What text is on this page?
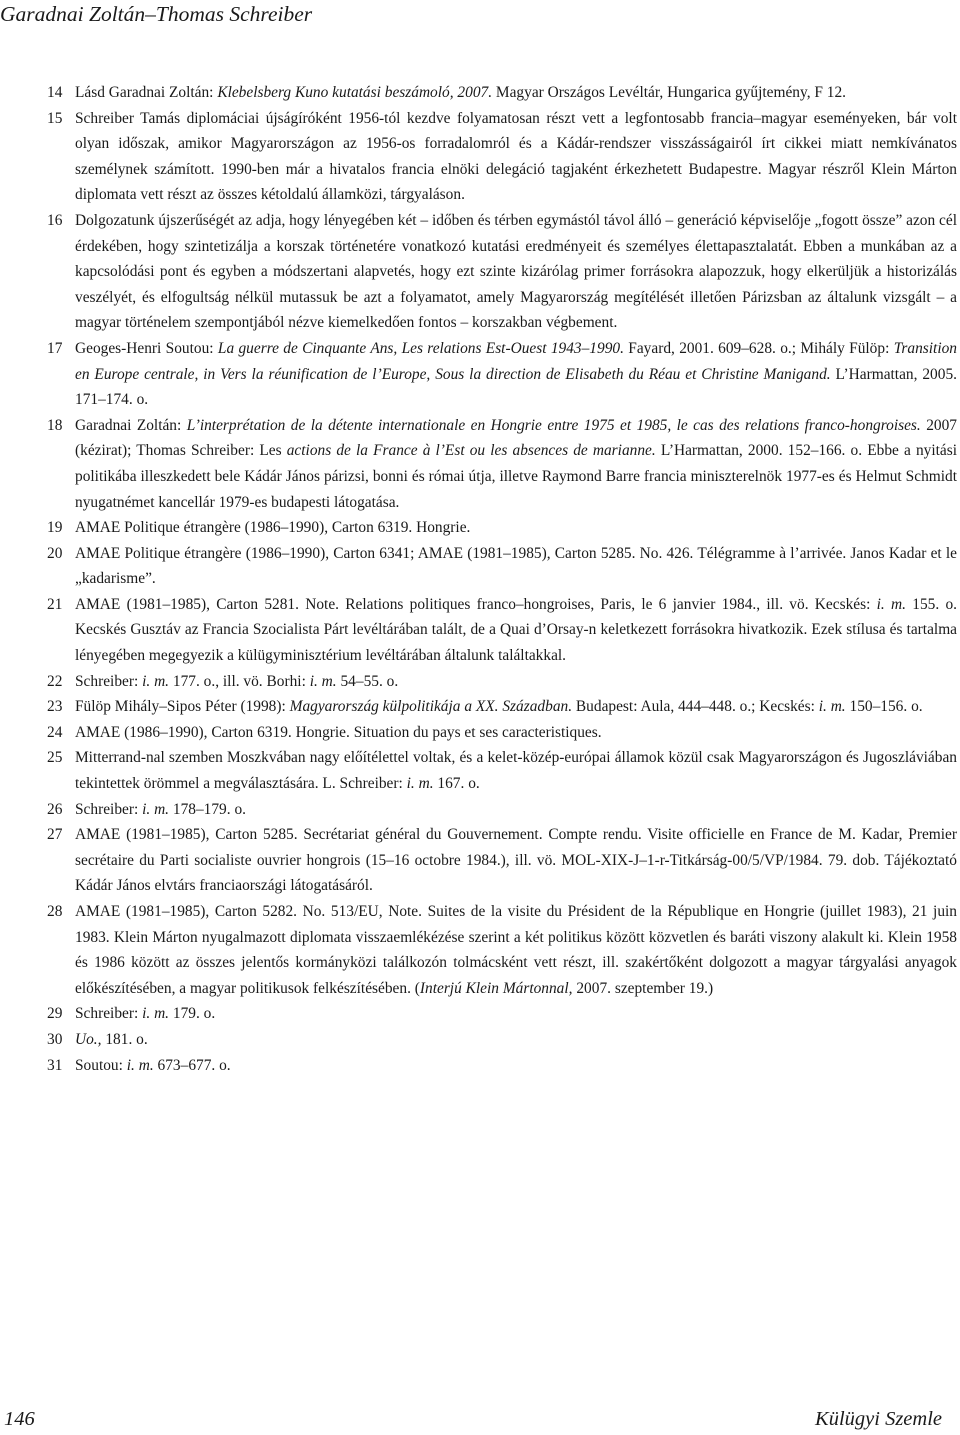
Garadnai Zoltán–Thomas Schreiber
14 Lásd Garadnai Zoltán: Klebelsberg Kuno kutatási beszámoló, 2007. Magyar Országos Levéltár, Hungarica gyűjtemény, F 12.
15 Schreiber Tamás diplomáciai újságíróként 1956-tól kezdve folyamatosan részt vett a legfontosabb francia–magyar eseményeken, bár volt olyan időszak, amikor Magyarországon az 1956-os forradalomról és a Kádár-rendszer visszásságairól írt cikkei miatt nemkívánatos személynek számított. 1990-ben már a hivatalos francia elnöki delegáció tagjaként érkezhetett Budapestre. Magyar részről Klein Márton diplomata vett részt az összes kétoldalú államközi, tárgyaláson.
16 Dolgozatunk újszerűségét az adja, hogy lényegében két – időben és térben egymástól távol álló – generáció képviselője „fogott össze” azon cél érdekében, hogy szintetizálja a korszak történetére vonatkozó kutatási eredményeit és személyes élettapasztalatát. Ebben a munkában az a kapcsolódási pont és egyben a módszertani alapvetés, hogy ezt szinte kizárólag primer forrásokra alapozzuk, hogy elkerüljük a historizálás veszélyét, és elfogultság nélkül mutassuk be azt a folyamatot, amely Magyarország megítélését illetően Párizsban az általunk vizsgált – a magyar történelem szempontjából nézve kiemelkedően fontos – korszakban végbement.
17 Geoges-Henri Soutou: La guerre de Cinquante Ans, Les relations Est-Ouest 1943–1990. Fayard, 2001. 609–628. o.; Mihály Fülöp: Transition en Europe centrale, in Vers la réunification de l’Europe, Sous la direction de Elisabeth du Réau et Christine Manigand. L’Harmattan, 2005. 171–174. o.
18 Garadnai Zoltán: L’interprétation de la détente internationale en Hongrie entre 1975 et 1985, le cas des relations franco-hongroises. 2007 (kézirat); Thomas Schreiber: Les actions de la France à l’Est ou les absences de marianne. L’Harmattan, 2000. 152–166. o. Ebbe a nyitási politikába illeszkedett bele Kádár János párizsi, bonni és római útja, illetve Raymond Barre francia miniszterelnök 1977-es és Helmut Schmidt nyugatnémet kancellár 1979-es budapesti látogatása.
19 AMAE Politique étrangère (1986–1990), Carton 6319. Hongrie.
20 AMAE Politique étrangère (1986–1990), Carton 6341; AMAE (1981–1985), Carton 5285. No. 426. Télégramme à l’arrivée. Janos Kadar et le „kadarisme”.
21 AMAE (1981–1985), Carton 5281. Note. Relations politiques franco–hongroises, Paris, le 6 janvier 1984., ill. vö. Kecskés: i. m. 155. o. Kecskés Gusztáv az Francia Szocialista Párt levéltárában talált, de a Quai d’Orsay-n keletkezett forrásokra hivatkozik. Ezek stílusa és tartalma lényegében megegyezik a külügyminisztérium levéltárában általunk találtakkal.
22 Schreiber: i. m. 177. o., ill. vö. Borhi: i. m. 54–55. o.
23 Fülöp Mihály–Sipos Péter (1998): Magyarország külpolitikája a XX. Században. Budapest: Aula, 444–448. o.; Kecskés: i. m. 150–156. o.
24 AMAE (1986–1990), Carton 6319. Hongrie. Situation du pays et ses caracteristiques.
25 Mitterrand-nal szemben Moszkvában nagy előítélettel voltak, és a kelet-közép-európai államok közül csak Magyarországon és Jugoszláviában tekintettek örömmel a megválasztására. L. Schreiber: i. m. 167. o.
26 Schreiber: i. m. 178–179. o.
27 AMAE (1981–1985), Carton 5285. Secrétariat général du Gouvernement. Compte rendu. Visite officielle en France de M. Kadar, Premier secrétaire du Parti socialiste ouvrier hongrois (15–16 octobre 1984.), ill. vö. MOL-XIX-J–1-r-Titkárság-00/5/VP/1984. 79. dob. Tájékoztató Kádár János elvtárs franciaországi látogatásáról.
28 AMAE (1981–1985), Carton 5282. No. 513/EU, Note. Suites de la visite du Président de la République en Hongrie (juillet 1983), 21 juin 1983. Klein Márton nyugalmazott diplomata visszaemlékézése szerint a két politikus között közvetlen és baráti viszony alakult ki. Klein 1958 és 1986 között az összes jelentős kormányközi találkozón tolmácsként vett részt, ill. szakértőként dolgozott a magyar tárgyalási anyagok előkészítésében, a magyar politikusok felkészítésében. (Interjú Klein Mártonnal, 2007. szeptember 19.)
29 Schreiber: i. m. 179. o.
30 Uo., 181. o.
31 Soutou: i. m. 673–677. o.
146	Külügyi Szemle
